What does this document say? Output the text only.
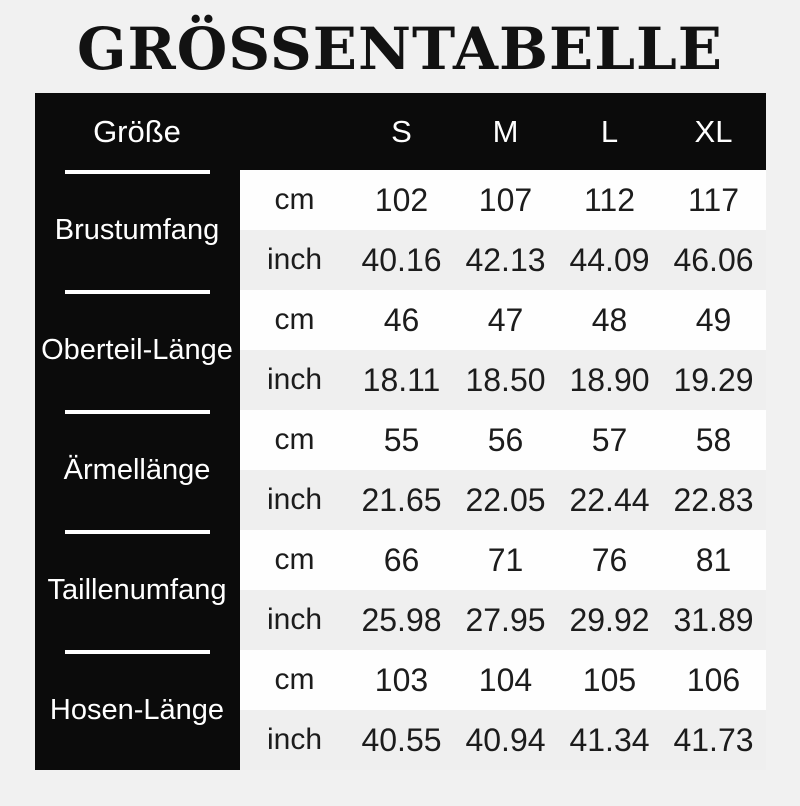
GRÖSSENTABELLE
Größe	S	M	L	XL
Brustumfang
cm	102	107	112	117
inch	40.16 42.13 44.09 46.06
Oberteil-Länge
cm	46	47	48	49
inch	18.11 18.50 18.90 19.29
Ärmellänge
cm	55	56	57	58
inch	21.65 22.05 22.44 22.83
Taillenumfang
cm	66	71	76	81
inch	25.98 27.95 29.92 31.89
Hosen-Länge
cm	103	104	105	106
inch	40.55 40.94 41.34 41.73
